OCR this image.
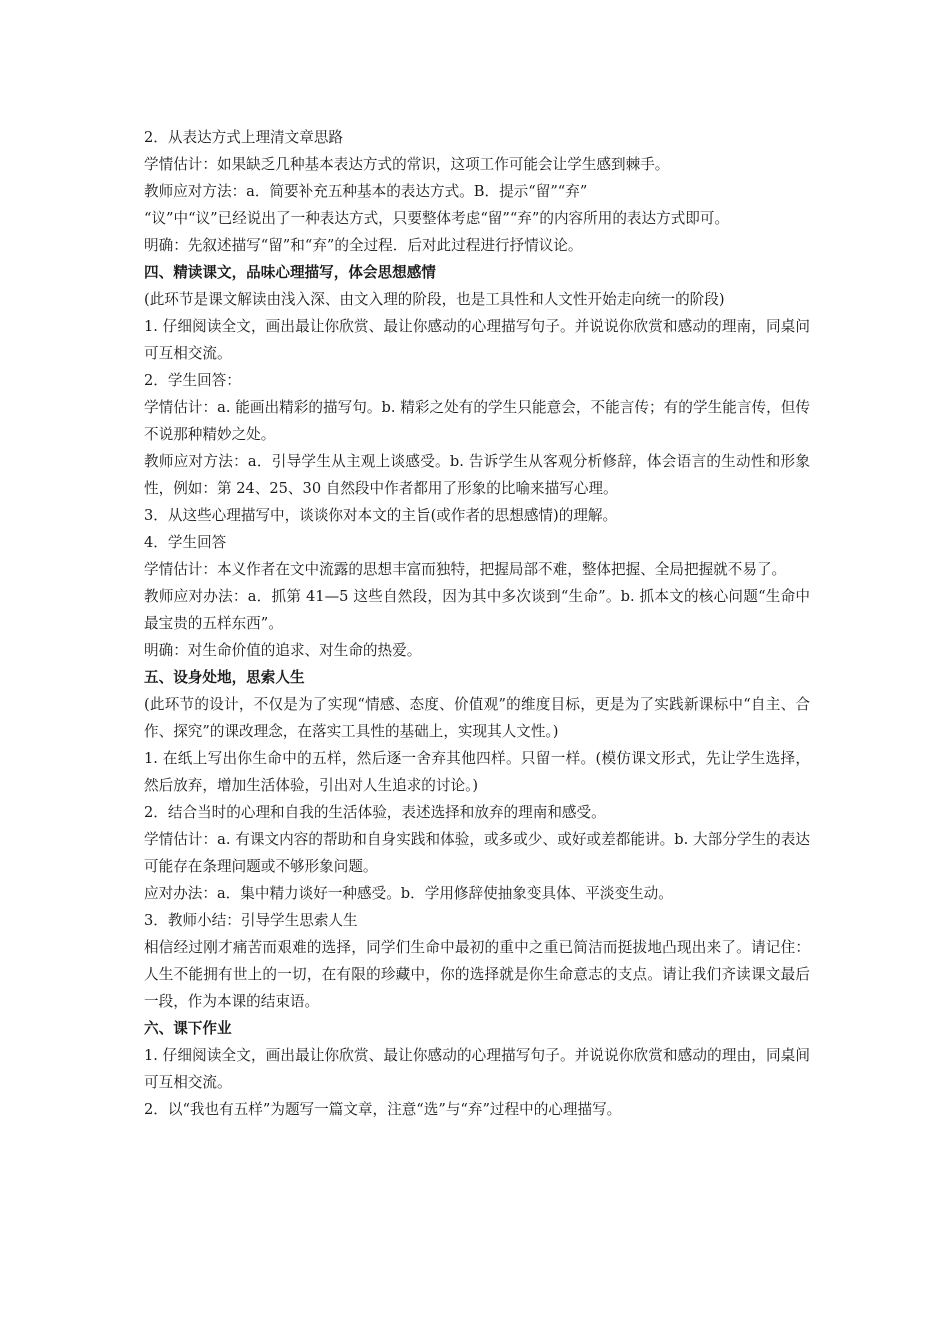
2．从表达方式上理清文章思路

学情估计：如果缺乏几种基本表达方式的常识，这项工作可能会让学生感到棘手。

教师应对方法：a．简要补充五种基本的表达方式。B．提示“留”“弃”

“议”中“议”已经说出了一种表达方式，只要整体考虑“留”“弃”的内容所用的表达方式即可。

明确：先叙述描写“留”和“弃”的全过程．后对此过程进行抒情议论。

四、精读课文，品味心理描写，体会思想感情

(此环节是课文解读由浅入深、由文入理的阶段，也是工具性和人文性开始走向统一的阶段)

1. 仔细阅读全文，画出最让你欣赏、最让你感动的心理描写句子。并说说你欣赏和感动的理南，同桌问可互相交流。

2．学生回答：

学情估计：a. 能画出精彩的描写句。b. 精彩之处有的学生只能意会，不能言传；有的学生能言传，但传不说那种精妙之处。

教师应对方法：a．引导学生从主观上谈感受。b. 告诉学生从客观分析修辞，体会语言的生动性和形象性，例如：第 24、25、30 自然段中作者都用了形象的比喻来描写心理。

3．从这些心理描写中，谈谈你对本文的主旨(或作者的思想感情)的理解。

4．学生回答

学情估计：本义作者在文中流露的思想丰富而独特，把握局部不难，整体把握、全局把握就不易了。

教师应对办法：a．抓第 41—5 这些自然段，因为其中多次谈到“生命”。b. 抓本文的核心问题“生命中最宝贵的五样东西”。

明确：对生命价值的追求、对生命的热爱。

五、设身处地，思索人生

(此环节的设计，不仅是为了实现“情感、态度、价值观”的维度目标，更是为了实践新课标中“自主、合作、探究”的课改理念，在落实工具性的基础上，实现其人文性。)

1. 在纸上写出你生命中的五样，然后逐一舍弃其他四样。只留一样。(模仿课文形式，先让学生选择，然后放弃，增加生活体验，引出对人生追求的讨论。)

2．结合当时的心理和自我的生活体验，表述选择和放弃的理南和感受。

学情估计：a. 有课文内容的帮助和自身实践和体验，或多或少、或好或差都能讲。b. 大部分学生的表达可能存在条理问题或不够形象问题。

应对办法：a．集中精力谈好一种感受。b．学用修辞使抽象变具体、平淡变生动。

3．教师小结：引导学生思索人生

相信经过刚才痛苦而艰难的选择，同学们生命中最初的重中之重已简洁而挺拔地凸现出来了。请记住：人生不能拥有世上的一切，在有限的珍藏中，你的选择就是你生命意志的支点。请让我们齐读课文最后一段，作为本课的结束语。

六、课下作业

1. 仔细阅读全文，画出最让你欣赏、最让你感动的心理描写句子。并说说你欣赏和感动的理由，同桌间可互相交流。

2．以“我也有五样”为题写一篇文章，注意“选”与“弃”过程中的心理描写。
